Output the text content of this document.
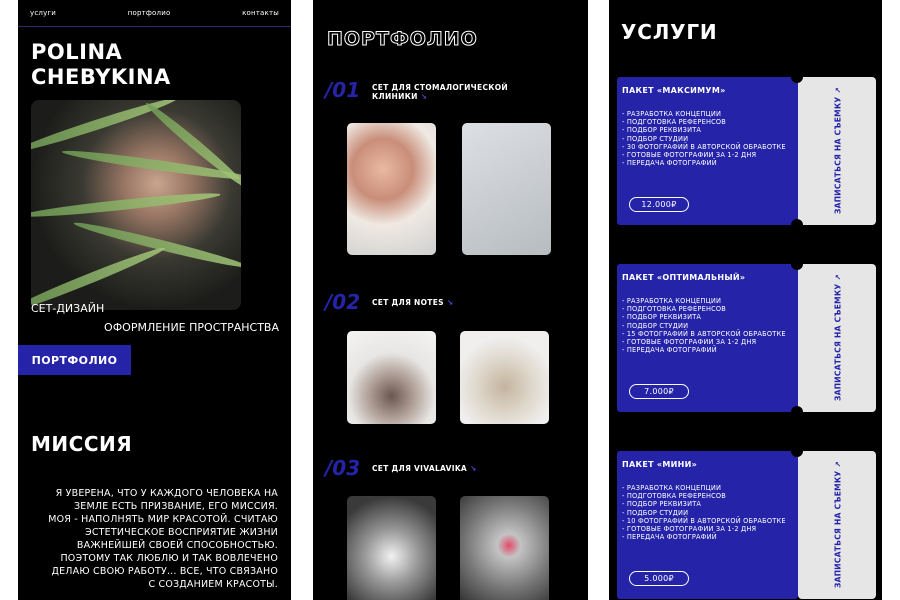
услуги	портфолио	контакты
POLINA
CHEBYKINA
СЕТ-ДИЗАЙН
ОФОРМЛЕНИЕ ПРОСТРАНСТВА
ПОРТФОЛИО
МИССИЯ

Я УВЕРЕНА, ЧТО У КАЖДОГО ЧЕЛОВЕКА НА ЗЕМЛЕ ЕСТЬ ПРИЗВАНИЕ, ЕГО МИССИЯ. МОЯ - НАПОЛНЯТЬ МИР КРАСОТОЙ. СЧИТАЮ ЭСТЕТИЧЕСКОЕ ВОСПРИЯТИЕ ЖИЗНИ ВАЖНЕЙШЕЙ СВОЕЙ СПОСОБНОСТЬЮ. ПОЭТОМУ ТАК ЛЮБЛЮ И ТАК ВОВЛЕЧЕНО ДЕЛАЮ СВОЮ РАБОТУ... ВСЕ, ЧТО СВЯЗАНО С СОЗДАНИЕМ КРАСОТЫ.

ПОРТФОЛИО
/01 СЕТ ДЛЯ СТОМАЛОГИЧЕСКОЙ КЛИНИКИ ↘
/02 СЕТ ДЛЯ NOTES ↘
/03 СЕТ ДЛЯ VIVALAVIKA ↘
УСЛУГИ
ПАКЕТ «МАКСИМУМ»
- РАЗРАБОТКА КОНЦЕПЦИИ
- ПОДГОТОВКА РЕФЕРЕНСОВ
- ПОДБОР РЕКВИЗИТА
- ПОДБОР СТУДИИ
- 30 ФОТОГРАФИЙ В АВТОРСКОЙ ОБРАБОТКЕ
- ГОТОВЫЕ ФОТОГРАФИИ ЗА 1-2 ДНЯ
- ПЕРЕДАЧА ФОТОГРАФИЙ
12.000₽	ЗАПИСАТЬСЯ НА СЪЕМКУ ↗
ПАКЕТ «ОПТИМАЛЬНЫЙ»
- РАЗРАБОТКА КОНЦЕПЦИИ
- ПОДГОТОВКА РЕФЕРЕНСОВ
- ПОДБОР РЕКВИЗИТА
- ПОДБОР СТУДИИ
- 15 ФОТОГРАФИЙ В АВТОРСКОЙ ОБРАБОТКЕ
- ГОТОВЫЕ ФОТОГРАФИИ ЗА 1-2 ДНЯ
- ПЕРЕДАЧА ФОТОГРАФИЙ
7.000₽	ЗАПИСАТЬСЯ НА СЪЕМКУ ↗
ПАКЕТ «МИНИ»
- РАЗРАБОТКА КОНЦЕПЦИИ
- ПОДГОТОВКА РЕФЕРЕНСОВ
- ПОДБОР РЕКВИЗИТА
- ПОДБОР СТУДИИ
- 10 ФОТОГРАФИЙ В АВТОРСКОЙ ОБРАБОТКЕ
- ГОТОВЫЕ ФОТОГРАФИИ ЗА 1-2 ДНЯ
- ПЕРЕДАЧА ФОТОГРАФИЙ
5.000₽	ЗАПИСАТЬСЯ НА СЪЕМКУ ↗
